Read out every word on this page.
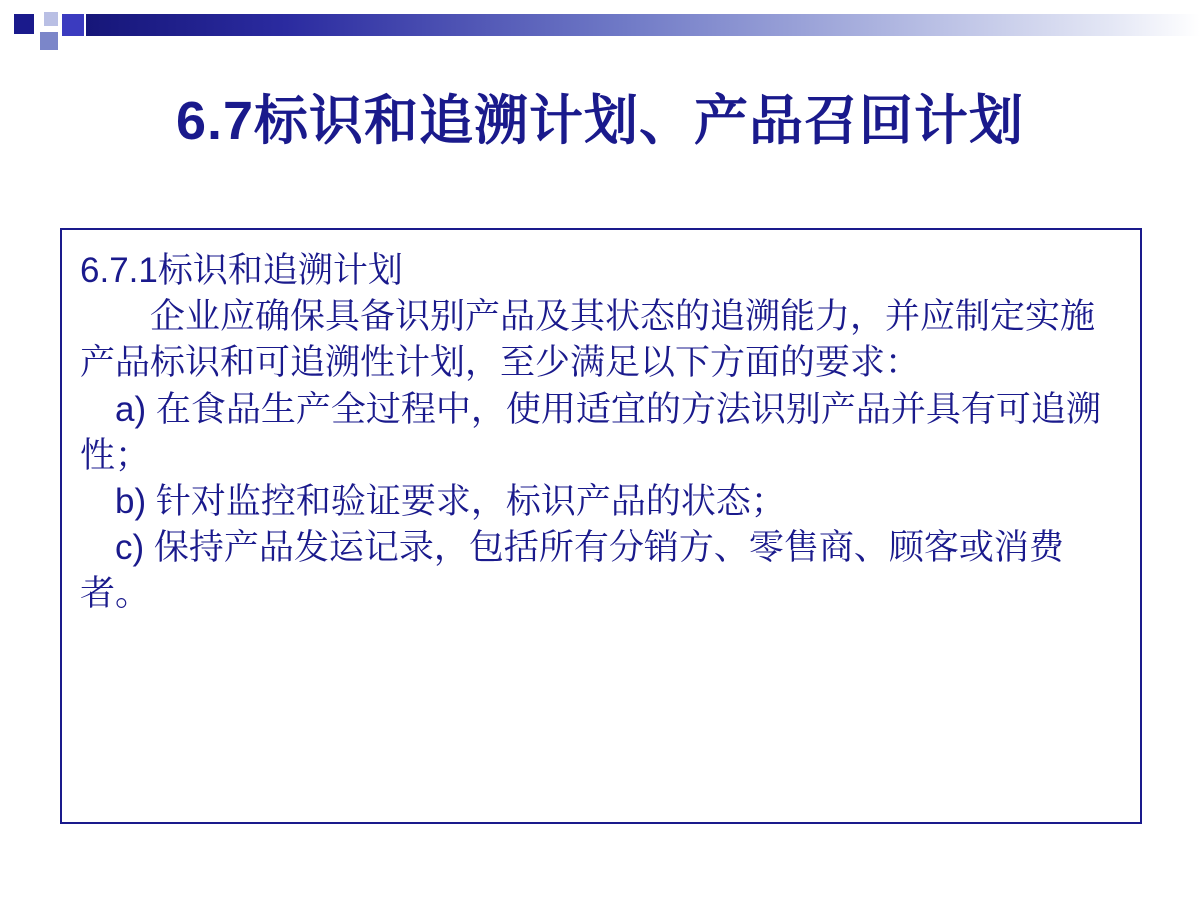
6.7标识和追溯计划、产品召回计划

6.7.1标识和追溯计划

企业应确保具备识别产品及其状态的追溯能力，并应制定实施产品标识和可追溯性计划，至少满足以下方面的要求：

a) 在食品生产全过程中，使用适宜的方法识别产品并具有可追溯性；

b) 针对监控和验证要求，标识产品的状态；

c) 保持产品发运记录，包括所有分销方、零售商、顾客或消费者。
